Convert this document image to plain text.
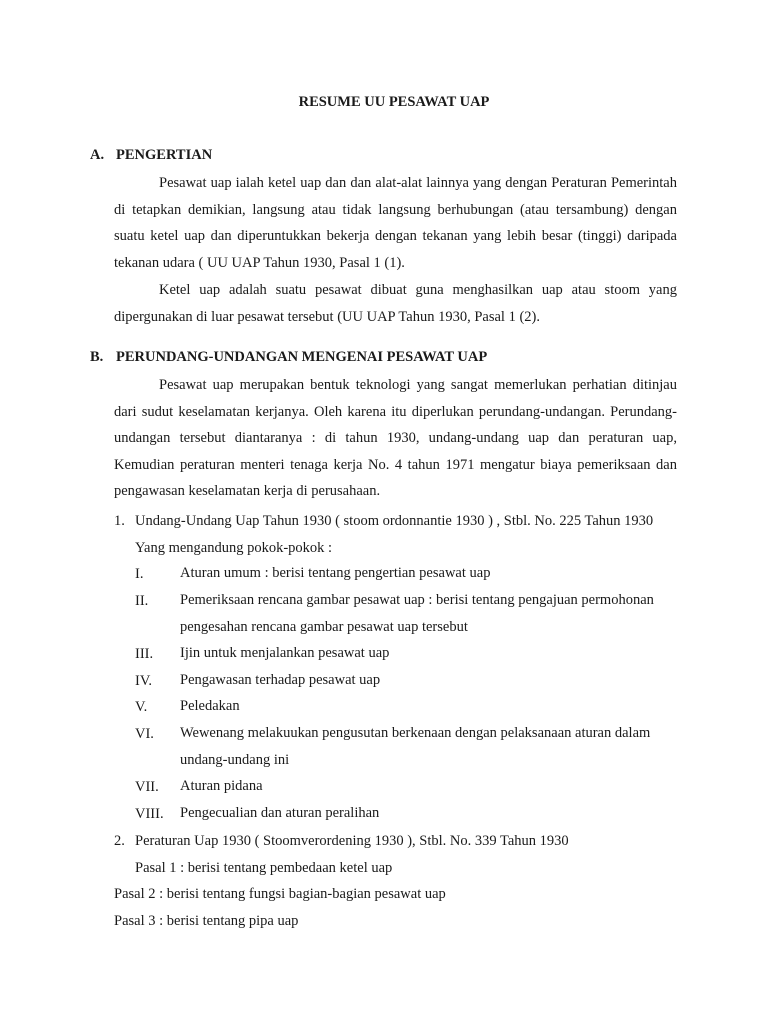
RESUME UU PESAWAT UAP
A. PENGERTIAN

Pesawat uap ialah ketel uap dan dan alat-alat lainnya yang dengan Peraturan Pemerintah di tetapkan demikian, langsung atau tidak langsung berhubungan (atau tersambung) dengan suatu ketel uap dan diperuntukkan bekerja dengan tekanan yang lebih besar (tinggi) daripada tekanan udara ( UU UAP Tahun 1930, Pasal 1 (1).

Ketel uap adalah suatu pesawat dibuat guna menghasilkan uap atau stoom yang dipergunakan di luar pesawat tersebut (UU UAP Tahun 1930, Pasal 1 (2).

B. PERUNDANG-UNDANGAN MENGENAI PESAWAT UAP

Pesawat uap merupakan bentuk teknologi yang sangat memerlukan perhatian ditinjau dari sudut keselamatan kerjanya. Oleh karena itu diperlukan perundang-undangan. Perundang-undangan tersebut diantaranya : di tahun 1930, undang-undang uap dan peraturan uap, Kemudian peraturan menteri tenaga kerja No. 4 tahun 1971 mengatur biaya pemeriksaan dan pengawasan keselamatan kerja di perusahaan.

1. Undang-Undang Uap Tahun 1930 ( stoom ordonnantie 1930 ) , Stbl. No. 225 Tahun 1930
Yang mengandung pokok-pokok :
I.	Aturan umum : berisi tentang pengertian pesawat uap

II. Pemeriksaan rencana gambar pesawat uap : berisi tentang pengajuan permohonan pengesahan rencana gambar pesawat uap tersebut

III. Ijin untuk menjalankan pesawat uap

IV. Pengawasan terhadap pesawat uap

V. Peledakan

VI. Wewenang melakuukan pengusutan berkenaan dengan pelaksanaan aturan dalam undang-undang ini

VII. Aturan pidana

VIII. Pengecualian dan aturan peralihan

2. Peraturan Uap 1930 ( Stoomverordening 1930 ), Stbl. No. 339 Tahun 1930
Pasal 1 : berisi tentang pembedaan ketel uap
Pasal 2 : berisi tentang fungsi bagian-bagian pesawat uap
Pasal 3 : berisi tentang pipa uap
